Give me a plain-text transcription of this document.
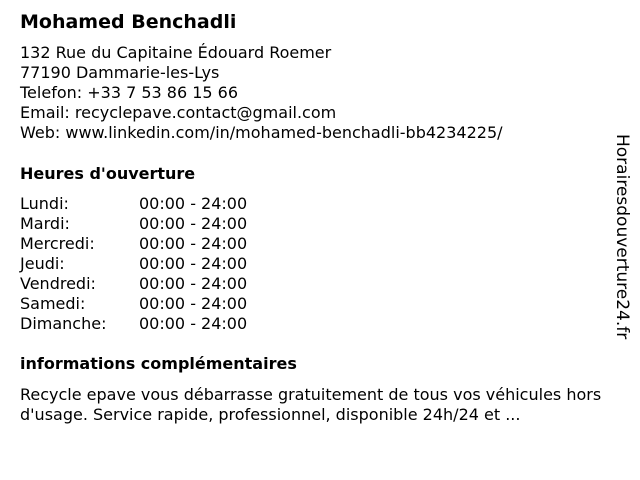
Mohamed Benchadli
132 Rue du Capitaine Édouard Roemer
77190 Dammarie-les-Lys
Telefon: +33 7 53 86 15 66
Email: recyclepave.contact@gmail.com
Web: www.linkedin.com/in/mohamed-benchadli-bb4234225/
Heures d'ouverture
Lundi:	00:00 - 24:00
Mardi:	00:00 - 24:00
Mercredi:	00:00 - 24:00
Jeudi:	00:00 - 24:00
Vendredi:	00:00 - 24:00
Samedi:	00:00 - 24:00
Dimanche: 00:00 - 24:00
informations complémentaires
Recycle epave vous débarrasse gratuitement de tous vos véhicules hors d'usage. Service rapide, professionnel, disponible 24h/24 et ...
Horairesdouverture24.fr
